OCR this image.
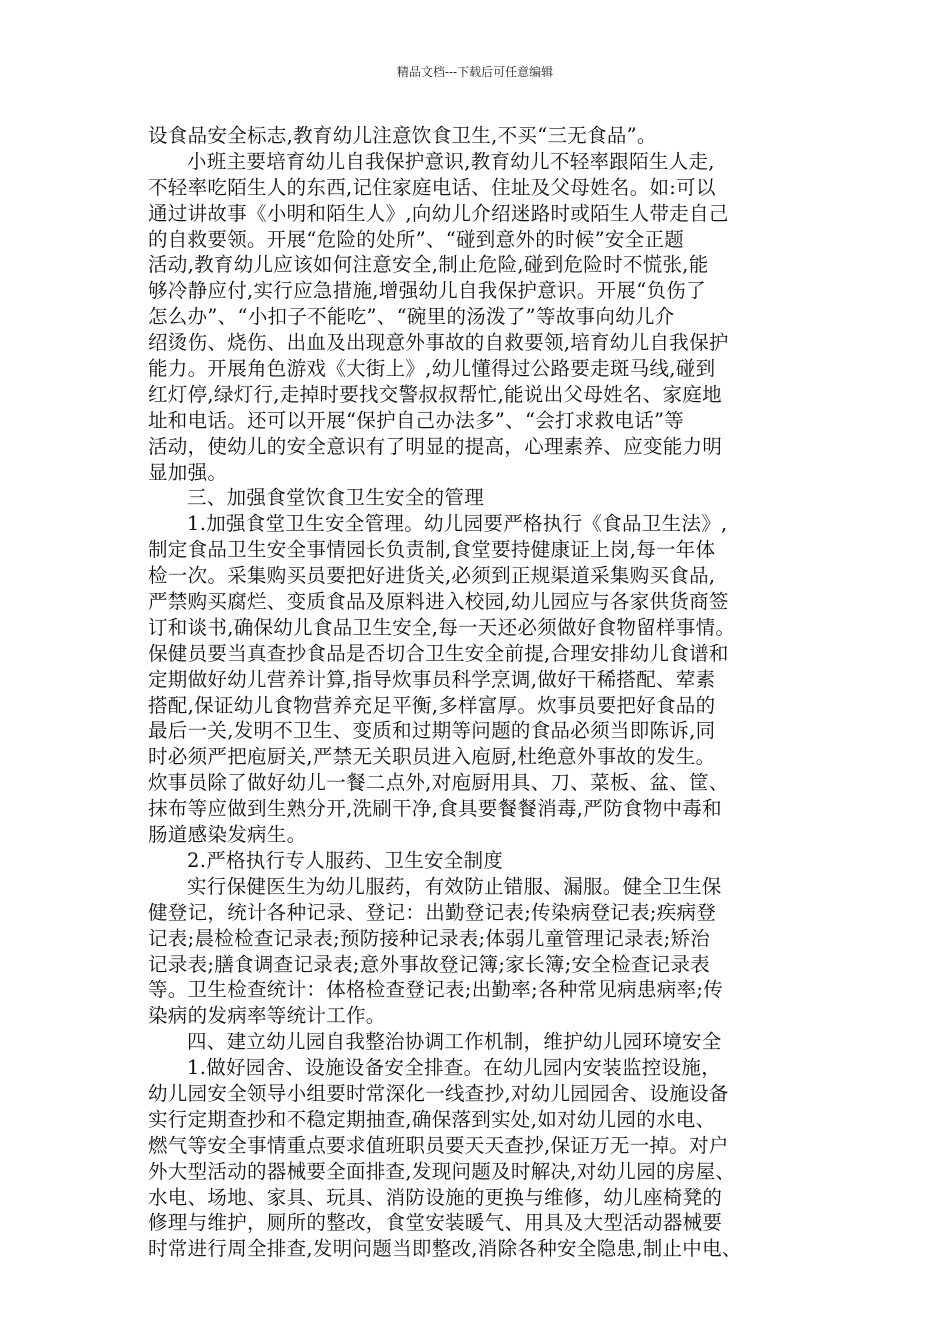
精品文档---下载后可任意编辑
设食品安全标志,教育幼儿注意饮食卫生,不买“三无食品”。
小班主要培育幼儿自我保护意识,教育幼儿不轻率跟陌生人走,
不轻率吃陌生人的东西,记住家庭电话、住址及父母姓名。如:可以
通过讲故事《小明和陌生人》,向幼儿介绍迷路时或陌生人带走自己
的自救要领。开展“危险的处所”、“碰到意外的时候”安全正题
活动,教育幼儿应该如何注意安全,制止危险,碰到危险时不慌张,能
够冷静应付,实行应急措施,增强幼儿自我保护意识。开展“负伤了
怎么办”、“小扣子不能吃”、“碗里的汤泼了”等故事向幼儿介
绍烫伤、烧伤、出血及出现意外事故的自救要领,培育幼儿自我保护
能力。开展角色游戏《大街上》,幼儿懂得过公路要走斑马线,碰到
红灯停,绿灯行,走掉时要找交警叔叔帮忙,能说出父母姓名、家庭地
址和电话。还可以开展“保护自己办法多”、“会打求救电话”等
活动，使幼儿的安全意识有了明显的提高，心理素养、应变能力明
显加强。
三、加强食堂饮食卫生安全的管理
1.加强食堂卫生安全管理。幼儿园要严格执行《食品卫生法》,
制定食品卫生安全事情园长负责制,食堂要持健康证上岗,每一年体
检一次。采集购买员要把好进货关,必须到正规渠道采集购买食品,
严禁购买腐烂、变质食品及原料进入校园,幼儿园应与各家供货商签
订和谈书,确保幼儿食品卫生安全,每一天还必须做好食物留样事情。
保健员要当真查抄食品是否切合卫生安全前提,合理安排幼儿食谱和
定期做好幼儿营养计算,指导炊事员科学烹调,做好干稀搭配、荤素
搭配,保证幼儿食物营养充足平衡,多样富厚。炊事员要把好食品的
最后一关,发明不卫生、变质和过期等问题的食品必须当即陈诉,同
时必须严把庖厨关,严禁无关职员进入庖厨,杜绝意外事故的发生。
炊事员除了做好幼儿一餐二点外,对庖厨用具、刀、菜板、盆、筐、
抹布等应做到生熟分开,洗刷干净,食具要餐餐消毒,严防食物中毒和
肠道感染发病生。
2.严格执行专人服药、卫生安全制度
实行保健医生为幼儿服药，有效防止错服、漏服。健全卫生保
健登记，统计各种记录、登记：出勤登记表;传染病登记表;疾病登
记表;晨检检查记录表;预防接种记录表;体弱儿童管理记录表;矫治
记录表;膳食调查记录表;意外事故登记簿;家长簿;安全检查记录表
等。卫生检查统计：体格检查登记表;出勤率;各种常见病患病率;传
染病的发病率等统计工作。
四、建立幼儿园自我整治协调工作机制，维护幼儿园环境安全
1.做好园舍、设施设备安全排查。在幼儿园内安装监控设施，
幼儿园安全领导小组要时常深化一线查抄,对幼儿园园舍、设施设备
实行定期查抄和不稳定期抽查,确保落到实处,如对幼儿园的水电、
燃气等安全事情重点要求值班职员要天天查抄,保证万无一掉。对户
外大型活动的器械要全面排查,发现问题及时解决,对幼儿园的房屋、
水电、场地、家具、玩具、消防设施的更换与维修，幼儿座椅凳的
修理与维护，厕所的整改，食堂安装暖气、用具及大型活动器械要
时常进行周全排查,发明问题当即整改,消除各种安全隐患,制止中电、
